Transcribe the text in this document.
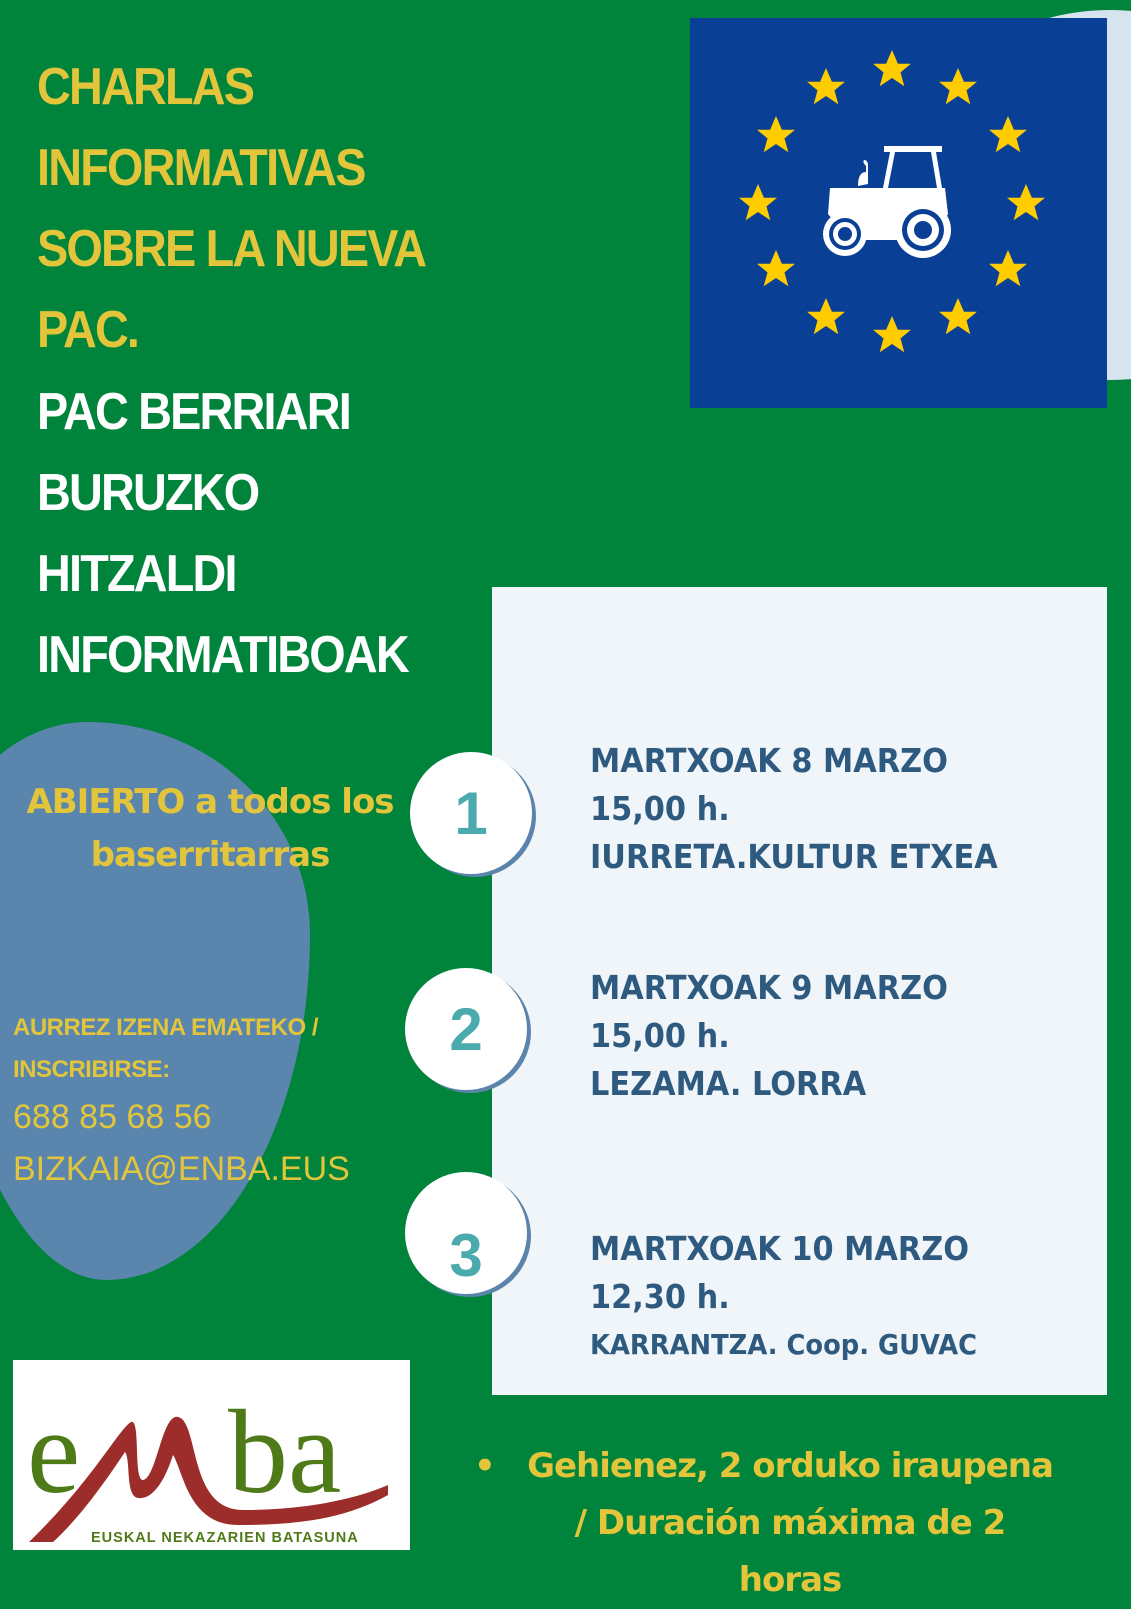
CHARLAS
INFORMATIVAS
SOBRE LA NUEVA
PAC.
PAC BERRIARI
BURUZKO
HITZALDI
INFORMATIBOAK
ABIERTO a todos los
baserritarras
AURREZ IZENA EMATEKO /
INSCRIBIRSE:
688 85 68 56
BIZKAIA@ENBA.EUS
1
2
3
MARTXOAK 8 MARZO
15,00 h.
IURRETA.KULTUR ETXEA
MARTXOAK 9 MARZO
15,00 h.
LEZAMA. LORRA
MARTXOAK 10 MARZO
12,30 h.
KARRANTZA. Coop. GUVAC
e ba
EUSKAL NEKAZARIEN BATASUNA
• Gehienez, 2 orduko iraupena
/ Duración máxima de 2
horas
